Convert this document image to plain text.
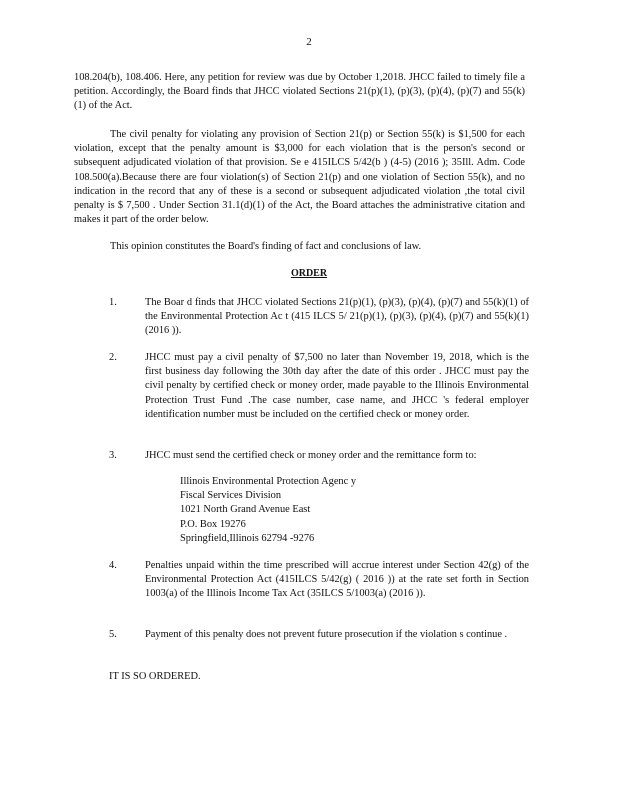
2
108.204(b), 108.406. Here, any petition for review was due by October 1,2018. JHCC failed to timely file a petition. Accordingly, the Board finds that JHCC violated Sections 21(p)(1), (p)(3), (p)(4), (p)(7) and 55(k)(1) of the Act.
The civil penalty for violating any provision of Section 21(p) or Section 55(k) is $1,500 for each violation, except that the penalty amount is $3,000 for each violation that is the person's second or subsequent adjudicated violation of that provision. Se e 415ILCS 5/42(b ) (4-5) (2016 ); 35Ill. Adm. Code 108.500(a).Because there are four violation(s) of Section 21(p) and one violation of Section 55(k), and no indication in the record that any of these is a second or subsequent adjudicated violation ,the total civil penalty is $ 7,500 . Under Section 31.1(d)(1) of the Act, the Board attaches the administrative citation and makes it part of the order below.
This opinion constitutes the Board's finding of fact and conclusions of law.
ORDER
1.	The Boar d finds that JHCC violated Sections 21(p)(1), (p)(3), (p)(4), (p)(7) and 55(k)(1) of the Environmental Protection Ac t (415 ILCS 5/ 21(p)(1), (p)(3), (p)(4), (p)(7) and 55(k)(1) (2016 )).
2.	JHCC must pay a civil penalty of $7,500 no later than November 19, 2018, which is the first business day following the 30th day after the date of this order . JHCC must pay the civil penalty by certified check or money order, made payable to the Illinois Environmental Protection Trust Fund .The case number, case name, and JHCC 's federal employer identification number must be included on the certified check or money order.
3.	JHCC must send the certified check or money order and the remittance form to:
Illinois Environmental Protection Agenc y
Fiscal Services Division
1021 North Grand Avenue East
P.O. Box 19276
Springfield,Illinois 62794 -9276
4.	Penalties unpaid within the time prescribed will accrue interest under Section 42(g) of the Environmental Protection Act (415ILCS 5/42(g) ( 2016 )) at the rate set forth in Section 1003(a) of the Illinois Income Tax Act (35ILCS 5/1003(a) (2016 )).
5.	Payment of this penalty does not prevent future prosecution if the violation s continue .
IT IS SO ORDERED.
